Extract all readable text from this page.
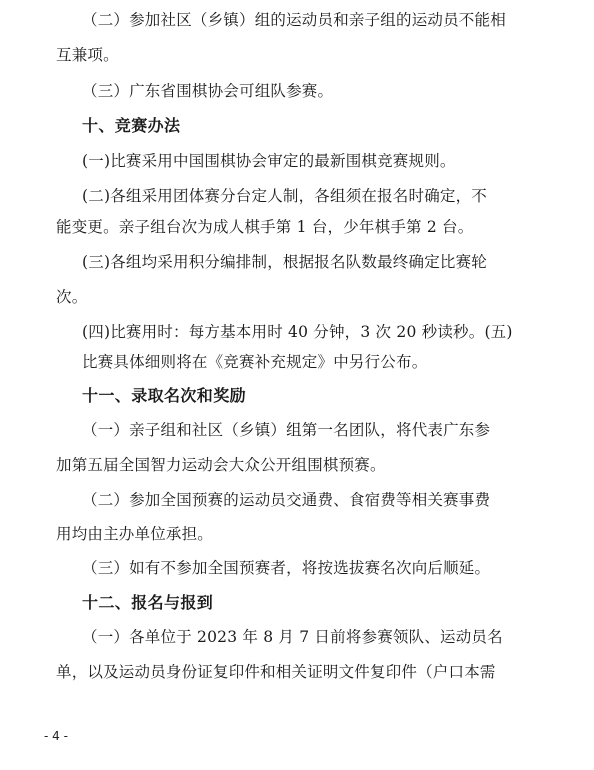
（二）参加社区（乡镇）组的运动员和亲子组的运动员不能相
互兼项。
（三）广东省围棋协会可组队参赛。
十、竞赛办法
(一)比赛采用中国围棋协会审定的最新围棋竞赛规则。
(二)各组采用团体赛分台定人制，各组须在报名时确定，不
能变更。亲子组台次为成人棋手第 1 台，少年棋手第 2 台。
(三)各组均采用积分编排制，根据报名队数最终确定比赛轮
次。
(四)比赛用时：每方基本用时 40 分钟，3 次 20 秒读秒。(五)
比赛具体细则将在《竞赛补充规定》中另行公布。
十一、录取名次和奖励
（一）亲子组和社区（乡镇）组第一名团队，将代表广东参
加第五届全国智力运动会大众公开组围棋预赛。
（二）参加全国预赛的运动员交通费、食宿费等相关赛事费
用均由主办单位承担。
（三）如有不参加全国预赛者，将按选拔赛名次向后顺延。
十二、报名与报到
（一）各单位于 2023 年 8 月 7 日前将参赛领队、运动员名
单，以及运动员身份证复印件和相关证明文件复印件（户口本需
- 4 -
